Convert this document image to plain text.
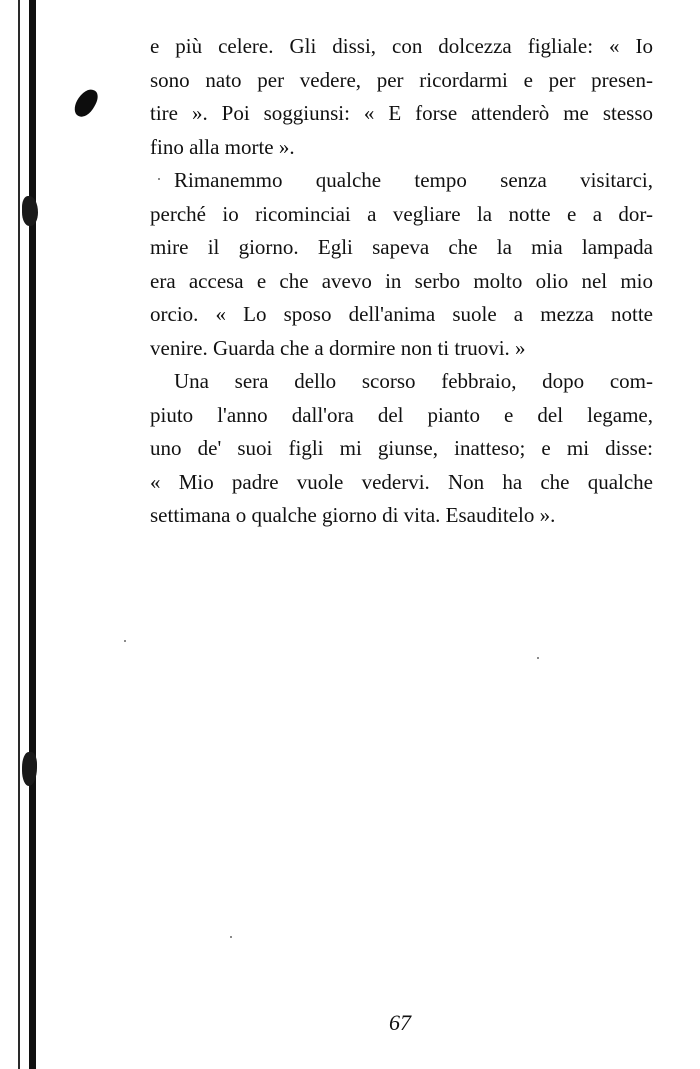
e più celere. Gli dissi, con dolcezza figliale: « Io
sono nato per vedere, per ricordarmi e per presen-
tire ». Poi soggiunsi: « E forse attenderò me stesso
fino alla morte ».
Rimanemmo qualche tempo senza visitarci,
perché io ricominciai a vegliare la notte e a dor-
mire il giorno. Egli sapeva che la mia lampada
era accesa e che avevo in serbo molto olio nel mio
orcio. « Lo sposo dell'anima suole a mezza notte
venire. Guarda che a dormire non ti truovi. »
Una sera dello scorso febbraio, dopo com-
piuto l'anno dall'ora del pianto e del legame,
uno de' suoi figli mi giunse, inatteso; e mi disse:
« Mio padre vuole vedervi. Non ha che qualche
settimana o qualche giorno di vita. Esauditelo ».
67
